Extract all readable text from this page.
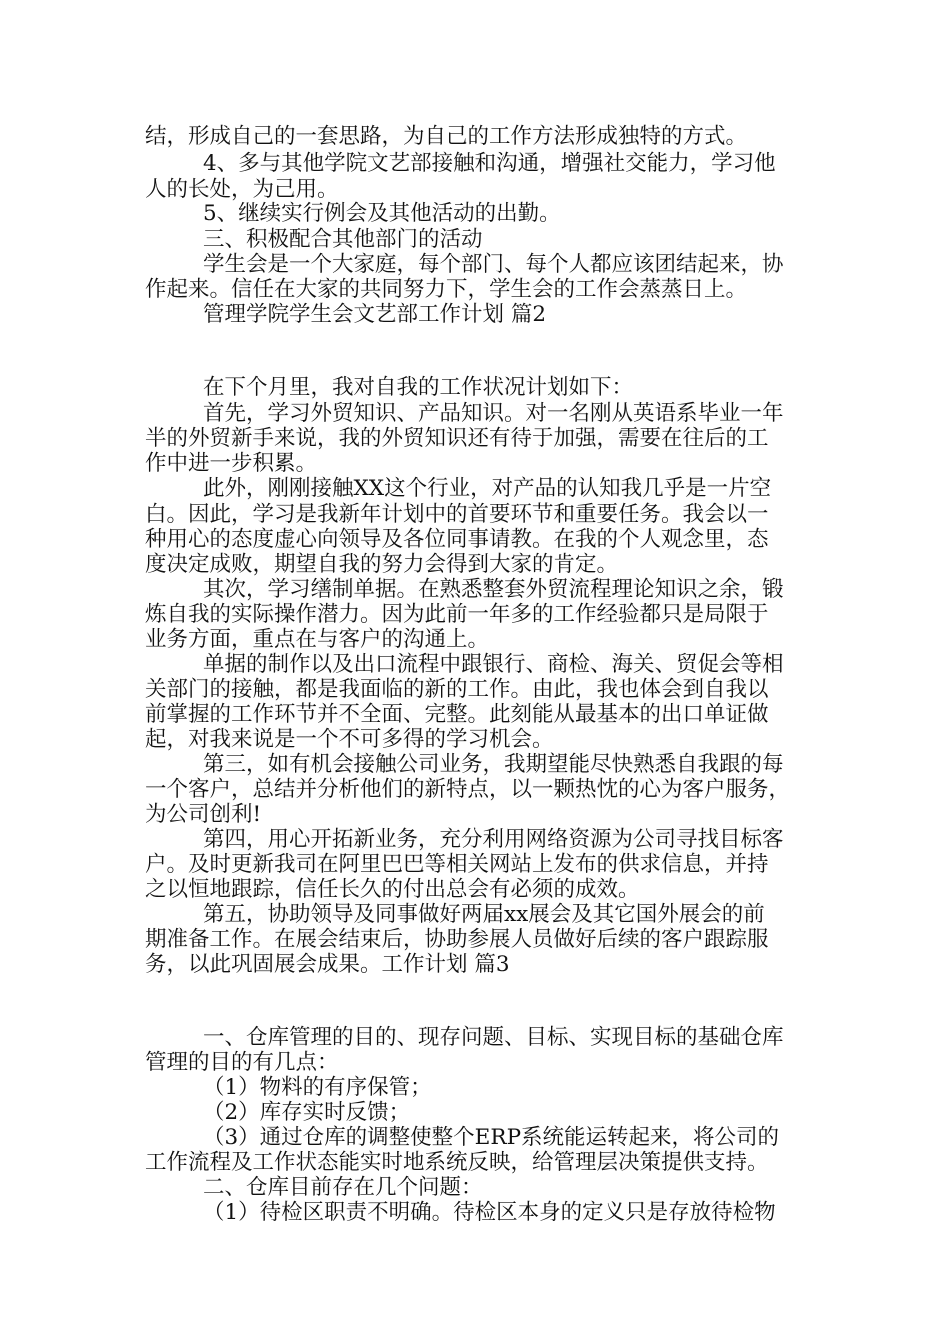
结，形成自己的一套思路，为自己的工作方法形成独特的方式。
4、多与其他学院文艺部接触和沟通，增强社交能力，学习他
人的长处，为己用。
5、继续实行例会及其他活动的出勤。
三、积极配合其他部门的活动
学生会是一个大家庭，每个部门、每个人都应该团结起来，协
作起来。信任在大家的共同努力下，学生会的工作会蒸蒸日上。
管理学院学生会文艺部工作计划 篇2
在下个月里，我对自我的工作状况计划如下：
首先，学习外贸知识、产品知识。对一名刚从英语系毕业一年
半的外贸新手来说，我的外贸知识还有待于加强，需要在往后的工
作中进一步积累。
此外，刚刚接触XX这个行业，对产品的认知我几乎是一片空
白。因此，学习是我新年计划中的首要环节和重要任务。我会以一
种用心的态度虚心向领导及各位同事请教。在我的个人观念里，态
度决定成败，期望自我的努力会得到大家的肯定。
其次，学习缮制单据。在熟悉整套外贸流程理论知识之余，锻
炼自我的实际操作潜力。因为此前一年多的工作经验都只是局限于
业务方面，重点在与客户的沟通上。
单据的制作以及出口流程中跟银行、商检、海关、贸促会等相
关部门的接触，都是我面临的新的工作。由此，我也体会到自我以
前掌握的工作环节并不全面、完整。此刻能从最基本的出口单证做
起，对我来说是一个不可多得的学习机会。
第三，如有机会接触公司业务，我期望能尽快熟悉自我跟的每
一个客户，总结并分析他们的新特点，以一颗热忱的心为客户服务，
为公司创利!
第四，用心开拓新业务，充分利用网络资源为公司寻找目标客
户。及时更新我司在阿里巴巴等相关网站上发布的供求信息，并持
之以恒地跟踪，信任长久的付出总会有必须的成效。
第五，协助领导及同事做好两届xx展会及其它国外展会的前
期准备工作。在展会结束后，协助参展人员做好后续的客户跟踪服
务，以此巩固展会成果。工作计划 篇3
一、仓库管理的目的、现存问题、目标、实现目标的基础仓库
管理的目的有几点：
（1）物料的有序保管；
（2）库存实时反馈；
（3）通过仓库的调整使整个ERP系统能运转起来，将公司的
工作流程及工作状态能实时地系统反映，给管理层决策提供支持。
二、仓库目前存在几个问题：
（1）待检区职责不明确。待检区本身的定义只是存放待检物
